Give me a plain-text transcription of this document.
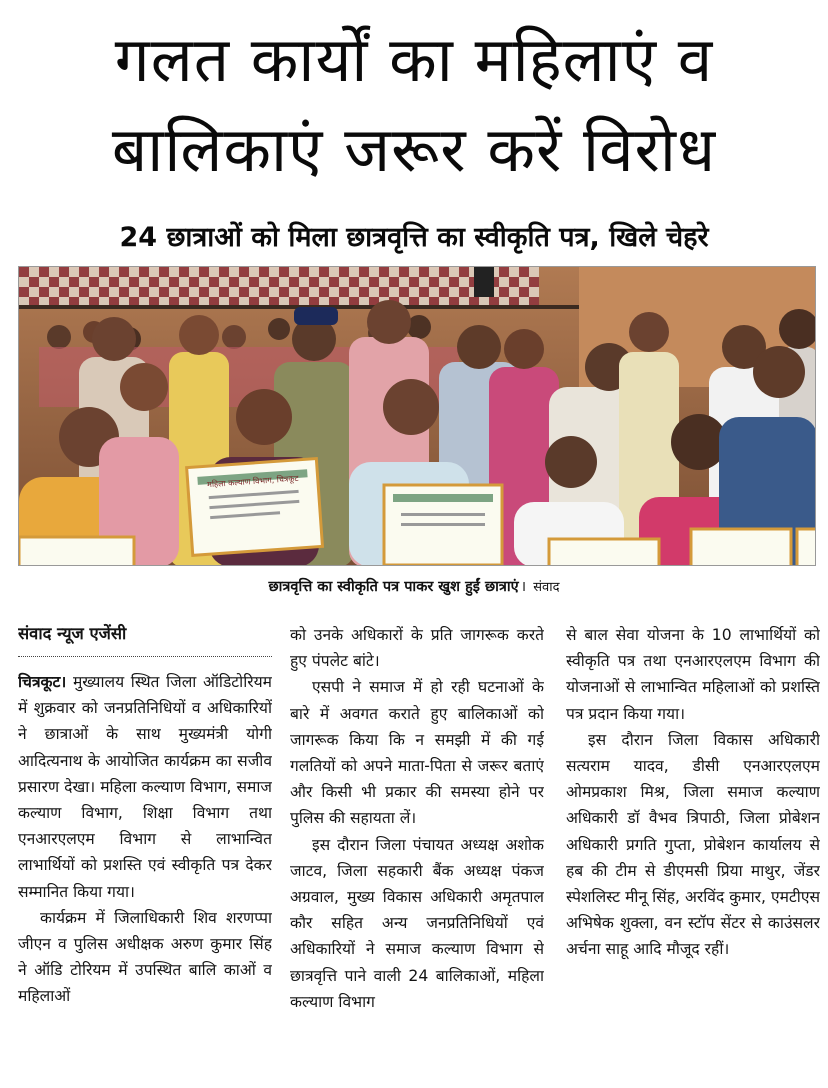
गलत कार्यों का महिलाएं व
बालिकाएं जरूर करें विरोध
24 छात्राओं को मिला छात्रवृत्ति का स्वीकृति पत्र, खिले चेहरे
महिला कल्याण विभाग, चित्रकूट
छात्रवृत्ति का स्वीकृति पत्र पाकर खुश हुईं छात्राएं । संवाद
संवाद न्यूज एजेंसी

चित्रकूट। मुख्यालय स्थित जिला ऑडिटोरियम में शुक्रवार को जनप्रतिनिधियों व अधिकारियों ने छात्राओं के साथ मुख्यमंत्री योगी आदित्यनाथ के आयोजित कार्यक्रम का सजीव प्रसारण देखा। महिला कल्याण विभाग, समाज कल्याण विभाग, शिक्षा विभाग तथा एनआरएलएम विभाग से लाभान्वित लाभार्थियों को प्रशस्ति एवं स्वीकृति पत्र देकर सम्मानित किया गया।

कार्यक्रम में जिलाधिकारी शिव शरणप्पा जीएन व पुलिस अधीक्षक अरुण कुमार सिंह ने ऑडि टोरियम में उपस्थित बालि काओं व महिलाओं

को उनके अधिकारों के प्रति जागरूक करते हुए पंपलेट बांटे।

एसपी ने समाज में हो रही घटनाओं के बारे में अवगत कराते हुए बालिकाओं को जागरूक किया कि न समझी में की गई गलतियों को अपने माता-पिता से जरूर बताएं और किसी भी प्रकार की समस्या होने पर पुलिस की सहायता लें।

इस दौरान जिला पंचायत अध्यक्ष अशोक जाटव, जिला सहकारी बैंक अध्यक्ष पंकज अग्रवाल, मुख्य विकास अधिकारी अमृतपाल कौर सहित अन्य जनप्रतिनिधियों एवं अधिकारियों ने समाज कल्याण विभाग से छात्रवृत्ति पाने वाली 24 बालिकाओं, महिला कल्याण विभाग

से बाल सेवा योजना के 10 लाभार्थियों को स्वीकृति पत्र तथा एनआरएलएम विभाग की योजनाओं से लाभान्वित महिलाओं को प्रशस्ति पत्र प्रदान किया गया।

इस दौरान जिला विकास अधिकारी सत्यराम यादव, डीसी एनआरएलएम ओमप्रकाश मिश्र, जिला समाज कल्याण अधिकारी डॉ वैभव त्रिपाठी, जिला प्रोबेशन अधिकारी प्रगति गुप्ता, प्रोबेशन कार्यालय से हब की टीम से डीएमसी प्रिया माथुर, जेंडर स्पेशलिस्ट मीनू सिंह, अरविंद कुमार, एमटीएस अभिषेक शुक्ला, वन स्टॉप सेंटर से काउंसलर अर्चना साहू आदि मौजूद रहीं।
